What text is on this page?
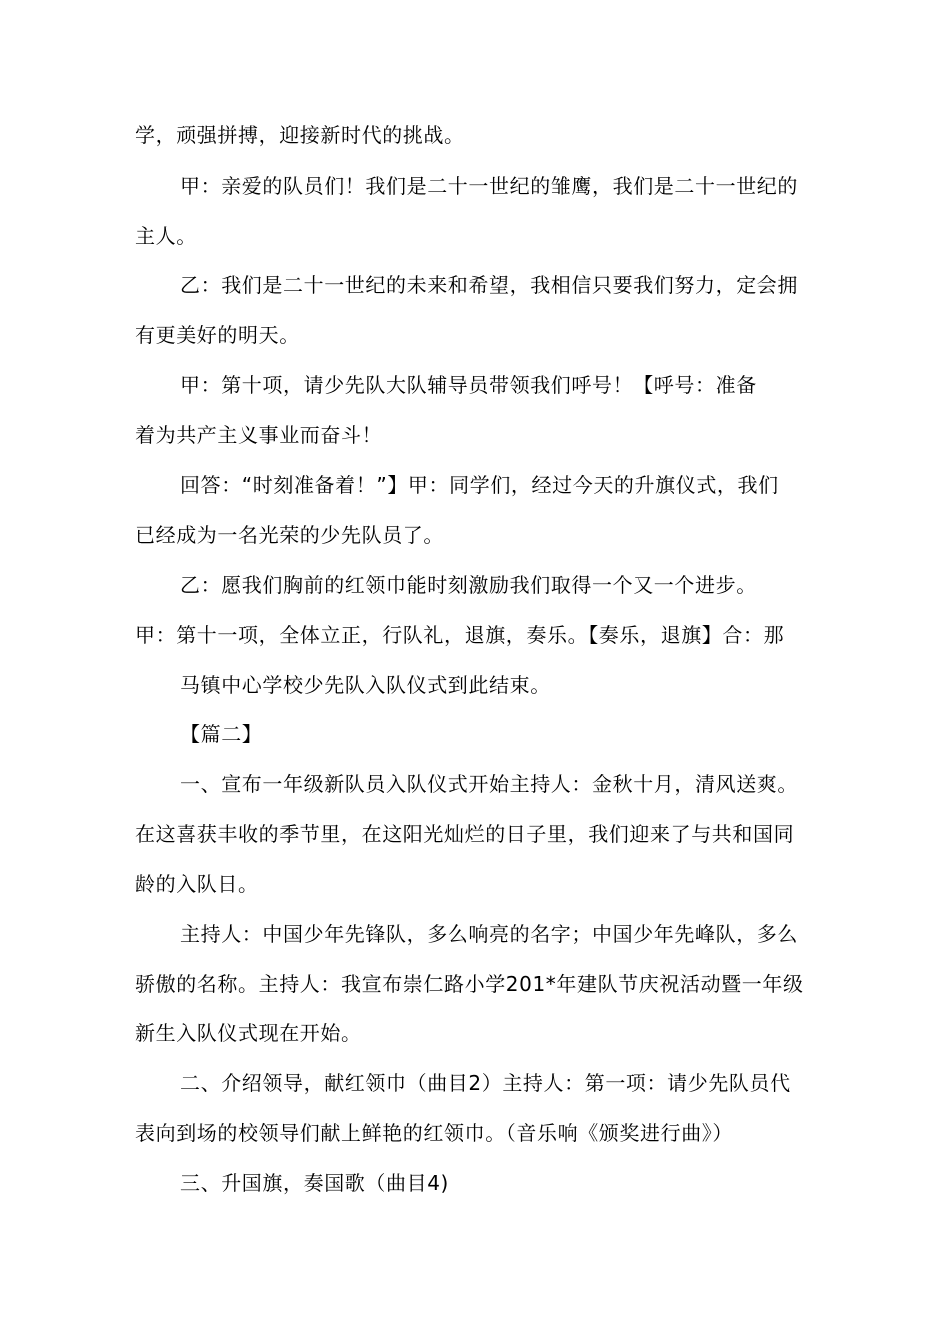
学，顽强拼搏，迎接新时代的挑战。
甲：亲爱的队员们！我们是二十一世纪的雏鹰，我们是二十一世纪的
主人。
乙：我们是二十一世纪的未来和希望，我相信只要我们努力，定会拥
有更美好的明天。
甲：第十项，请少先队大队辅导员带领我们呼号！【呼号：准备
着为共产主义事业而奋斗！
回答：“时刻准备着！”】甲：同学们，经过今天的升旗仪式，我们
已经成为一名光荣的少先队员了。
乙：愿我们胸前的红领巾能时刻激励我们取得一个又一个进步。
甲：第十一项，全体立正，行队礼，退旗，奏乐。【奏乐，退旗】合：那
马镇中心学校少先队入队仪式到此结束。
【篇二】
一、宣布一年级新队员入队仪式开始主持人：金秋十月，清风送爽。
在这喜获丰收的季节里，在这阳光灿烂的日子里，我们迎来了与共和国同
龄的入队日。
主持人：中国少年先锋队，多么响亮的名字；中国少年先峰队，多么
骄傲的名称。主持人：我宣布崇仁路小学201*年建队节庆祝活动暨一年级
新生入队仪式现在开始。
二、介绍领导，献红领巾（曲目2）主持人：第一项：请少先队员代
表向到场的校领导们献上鲜艳的红领巾。（音乐响《颁奖进行曲》）
三、升国旗，奏国歌（曲目4)
